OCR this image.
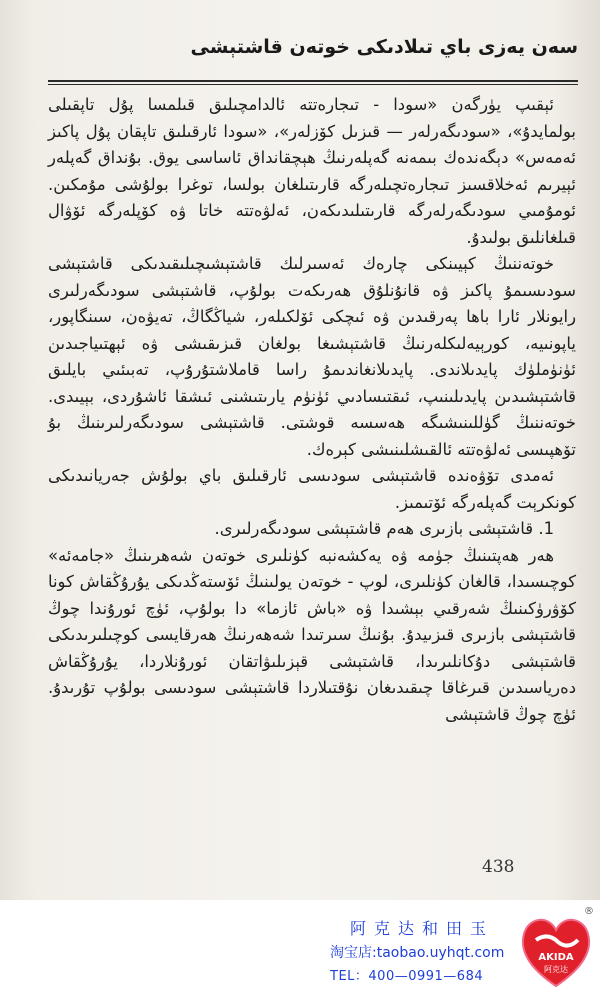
سەن يەزى باي تىلادىكى خوتەن قاشتېشى

ئېقىپ يۈرگەن «سودا - تىجارەتتە ئالدامچىلىق قىلمسا پۇل تاپقىلى بولمايدۇ»، «سودىگەرلەر — قىزىل كۆزلەر»، «سودا ئارقىلىق تاپقان پۇل پاكىز ئەمەس» دېگەندەك بىمەنە گەپلەرنىڭ ھېچقانداق ئاساسى يوق. بۇنداق گەپلەر ئېيرىم ئەخلاقسىز تىجارەتچىلەرگە قارىتىلغان بولسا، توغرا بولۇشى مۇمكىن. ئومۇمىي سودىگەرلەرگە قارىتىلىدىكەن، ئەلۋەتتە خاتا ۋە كۆپلەرگە ئۆۋال قىلغانلىق بولىدۇ.

خوتەننىڭ كېيىنكى چارەك ئەسىرلىك قاشتېشىچىلىقىدىكى قاشتېشى سودىسىمۇ پاكىز ۋە قانۇنلۇق ھەرىكەت بولۇپ، قاشتېشى سودىگەرلىرى رايونلار ئارا باھا پەرقىدىن ۋە ئىچكى ئۆلكىلەر، شياڭگاڭ، تەيۋەن، سىنگاپور، ياپونىيە، كورېيەلىكلەرنىڭ قاشتېشىغا بولغان قىزىقىشى ۋە ئېھتىياجىدىن ئۈنۈملۈك پايدىلاندى. پايدىلانغاندىمۇ راسا قاملاشتۇرۇپ، تەبىئىي بايلىق قاشتېشىدىن پايدىلىنىپ، ئىقتىسادىي ئۈنۈم يارىتىشنى ئىشقا ئاشۇردى، بېيىدى. خوتەننىڭ گۈللىنىشىگە ھەسسە قوشتى. قاشتېشى سودىگەرلىرىنىڭ بۇ تۆھپىسى ئەلۋەتتە ئالقىشلىنىشى كېرەك.

ئەمدى تۆۋەندە قاشتېشى سودىسى ئارقىلىق باي بولۇش جەريانىدىكى كونكرېت گەپلەرگە ئۆتىمىز.

1. قاشتېشى بازىرى ھەم قاشتېشى سودىگەرلىرى.

ھەر ھەپتىنىڭ جۈمە ۋە يەكشەنبە كۈنلىرى خوتەن شەھرىنىڭ «جامەئە» كوچىسىدا، قالغان كۈنلىرى، لوپ - خوتەن يولىنىڭ ئۆستەڭدىكى يۇرۇڭقاش كونا كۆۋرۈكىنىڭ شەرقىي بېشىدا ۋە «باش ئازما» دا بولۇپ، ئۈچ ئورۇندا چوڭ قاشتېشى بازىرى قىزىيدۇ. بۇنىڭ سىرتىدا شەھەرنىڭ ھەرقايسى كوچىلىرىدىكى قاشتېشى دۇكانلىرىدا، قاشتېشى قېزىلىۋاتقان ئورۇنلاردا، يۇرۇڭقاش دەرياسىدىن قىرغاقا چىقىدىغان نۇقتىلاردا قاشتېشى سودىسى بولۇپ تۇرىدۇ. ئۈچ چوڭ قاشتېشى

438
阿克达和田玉
淘宝店:taobao.uyhqt.com
TEL：400—0991—684
AKIDA
阿克达
®
